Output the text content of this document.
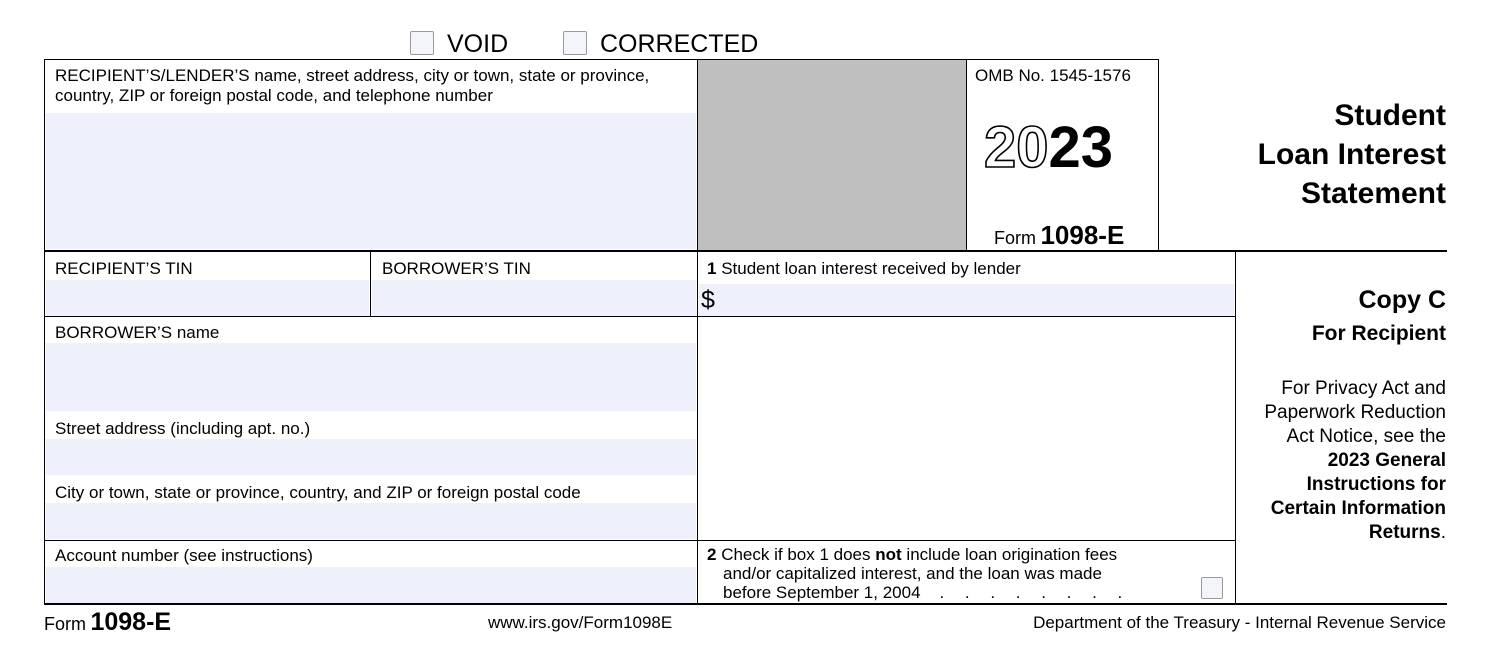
VOID	CORRECTED
RECIPIENT’S/LENDER’S name, street address, city or town, state or province, country, ZIP or foreign postal code, and telephone number
OMB No. 1545-1576
2023
Form 1098-E
Student
Loan Interest
Statement
RECIPIENT’S TIN	BORROWER’S TIN	1 Student loan interest received by lender
$	Copy C
For Recipient
For Privacy Act and Paperwork Reduction Act Notice, see the 2023 General Instructions for Certain Information Returns.
BORROWER’S name
Street address (including apt. no.)
City or town, state or province, country, and ZIP or foreign postal code
Account number (see instructions)	2 Check if box 1 does not include loan origination fees
and/or capitalized interest, and the loan was made
before September 1, 2004 . . . . . . . .
Form 1098-E	www.irs.gov/Form1098E	Department of the Treasury - Internal Revenue Service
